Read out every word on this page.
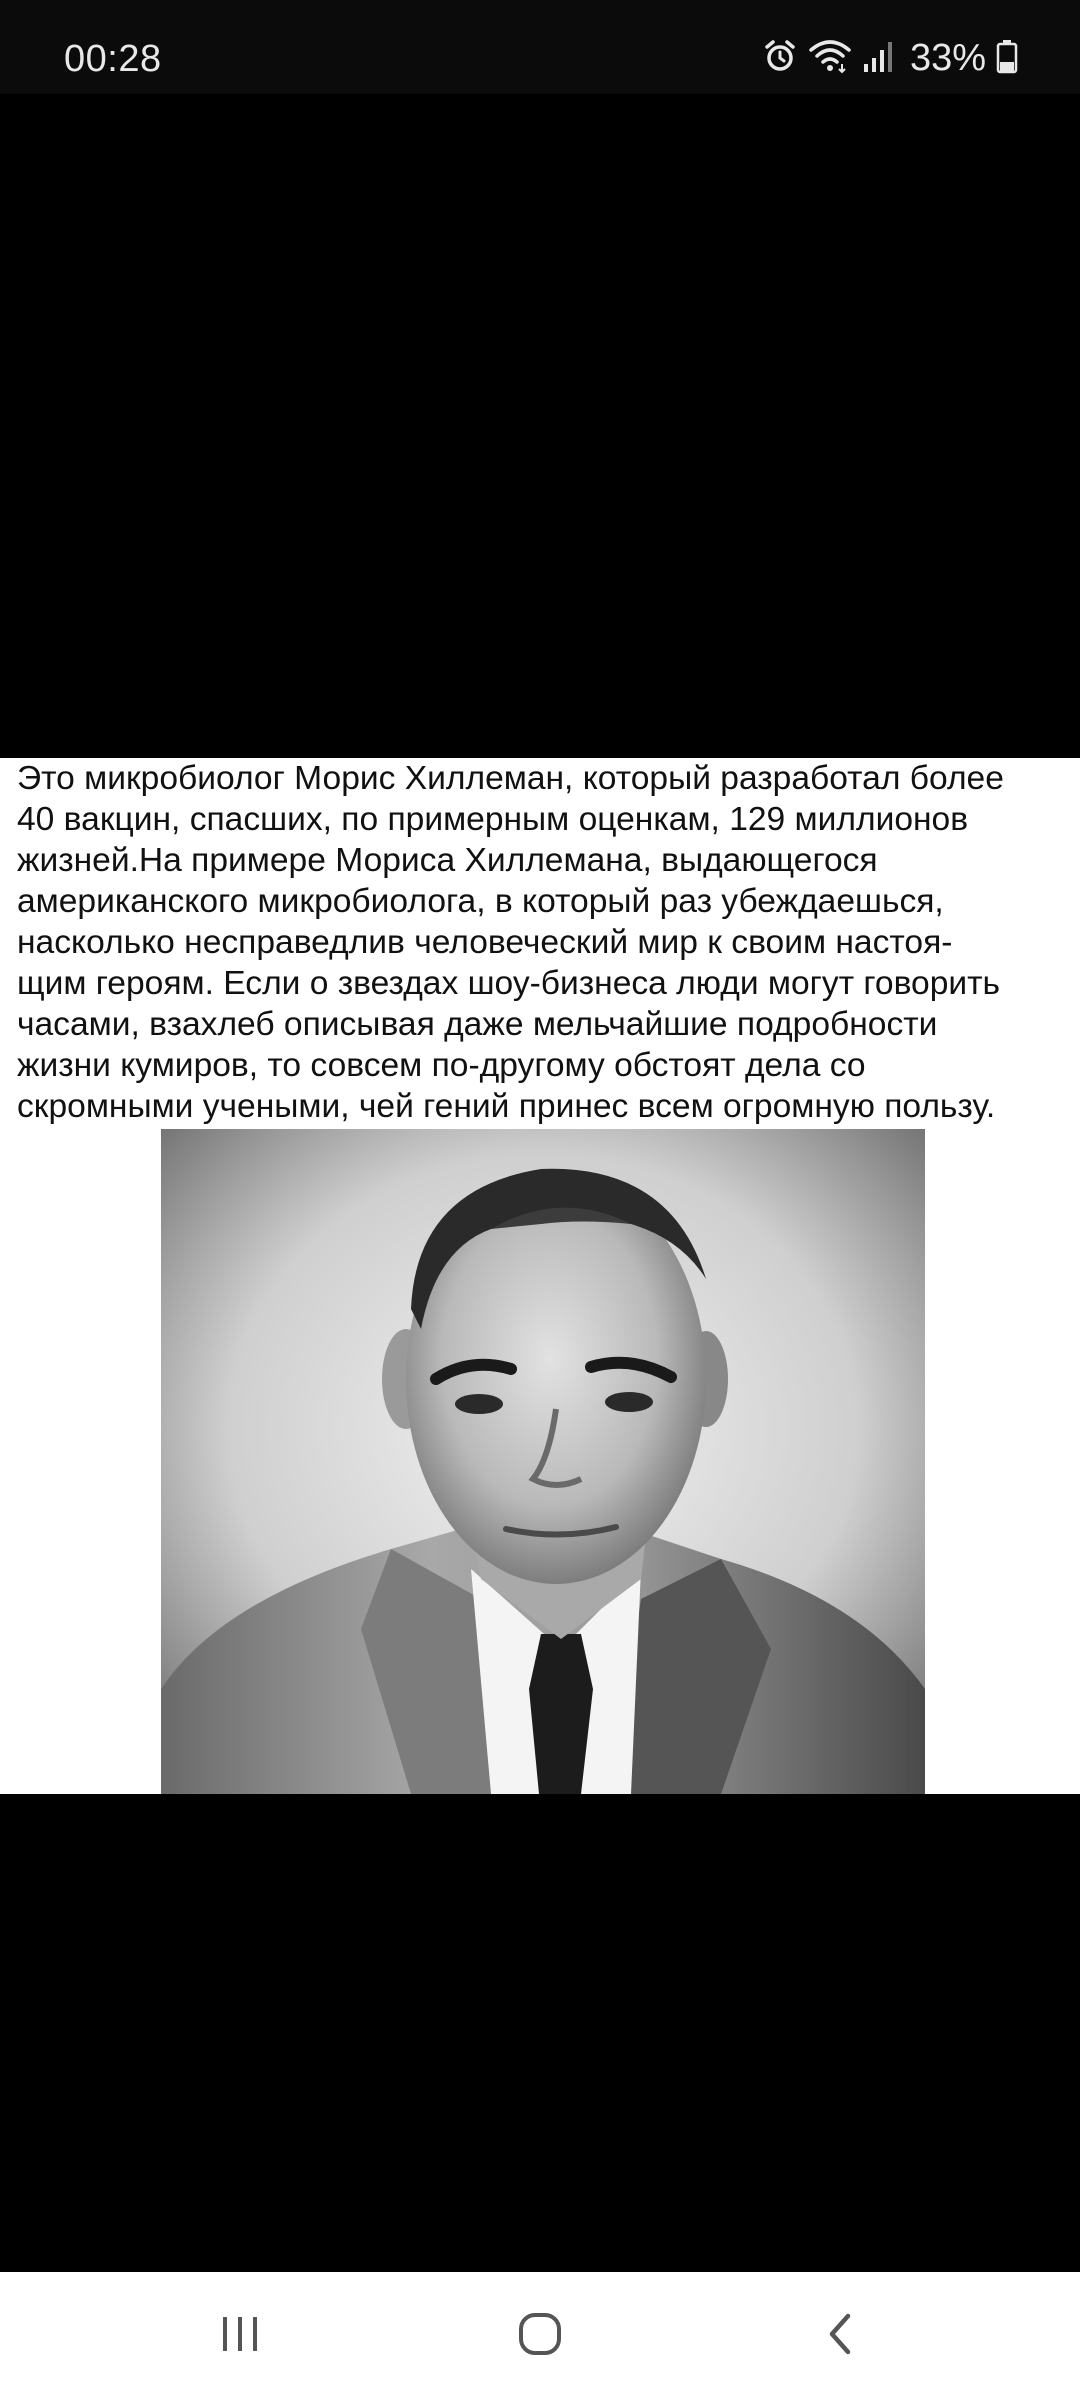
00:28	33%

Это микробиолог Морис Хиллеман, который разработал более
40 вакцин, спасших, по примерным оценкам, 129 миллионов
жизней.На примере Мориса Хиллемана, выдающегося
американского микробиолога, в который раз убеждаешься,
насколько несправедлив человеческий мир к своим настоя-
щим героям. Если о звездах шоу-бизнеса люди могут говорить
часами, взахлеб описывая даже мельчайшие подробности
жизни кумиров, то совсем по-другому обстоят дела со
скромными учеными, чей гений принес всем огромную пользу.
